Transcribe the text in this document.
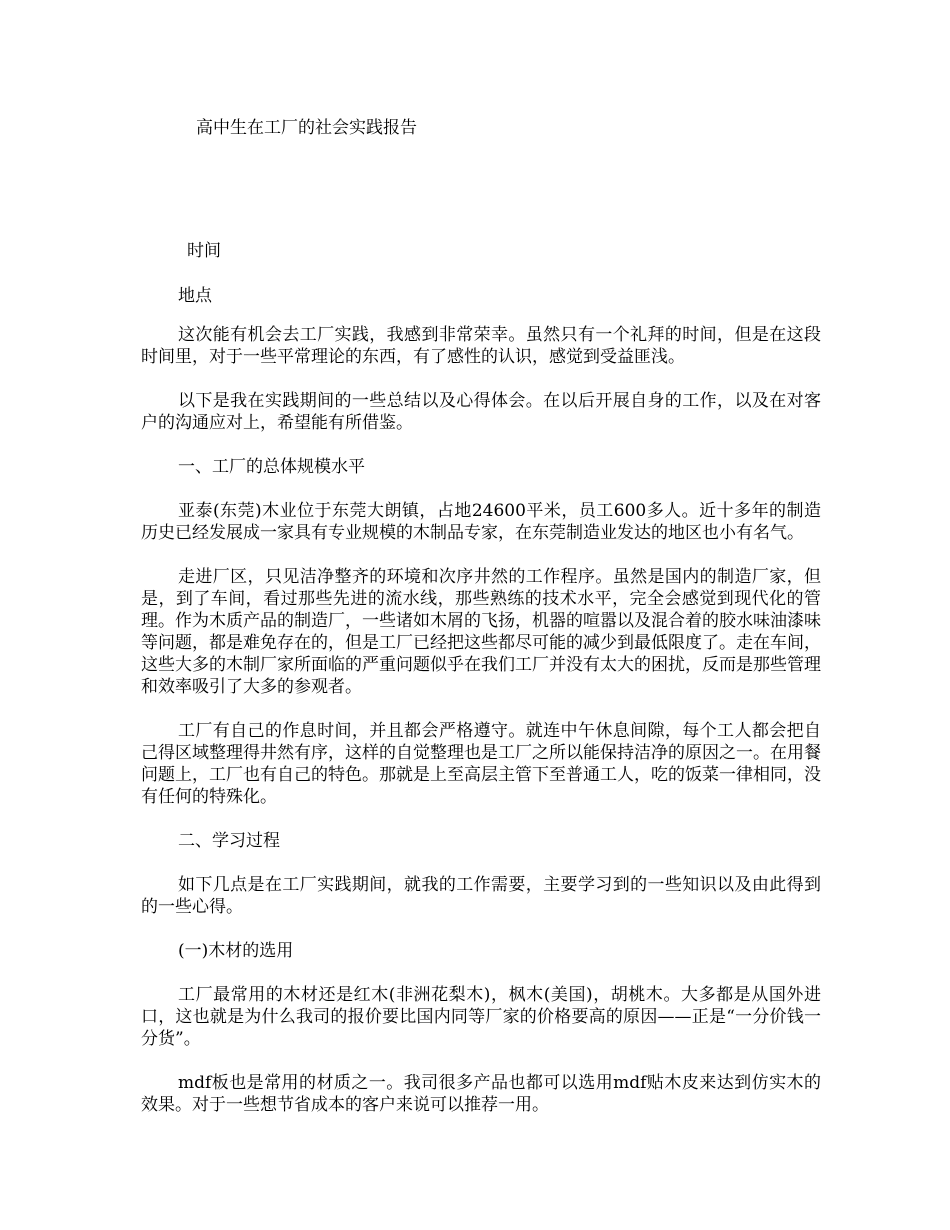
高中生在工厂的社会实践报告

时间

地点

这次能有机会去工厂实践，我感到非常荣幸。虽然只有一个礼拜的时间，但是在这段时间里，对于一些平常理论的东西，有了感性的认识，感觉到受益匪浅。

以下是我在实践期间的一些总结以及心得体会。在以后开展自身的工作，以及在对客户的沟通应对上，希望能有所借鉴。

一、工厂的总体规模水平

亚泰(东莞)木业位于东莞大朗镇，占地24600平米，员工600多人。近十多年的制造历史已经发展成一家具有专业规模的木制品专家，在东莞制造业发达的地区也小有名气。

走进厂区，只见洁净整齐的环境和次序井然的工作程序。虽然是国内的制造厂家，但是，到了车间，看过那些先进的流水线，那些熟练的技术水平，完全会感觉到现代化的管理。作为木质产品的制造厂，一些诸如木屑的飞扬，机器的喧嚣以及混合着的胶水味油漆味等问题，都是难免存在的，但是工厂已经把这些都尽可能的减少到最低限度了。走在车间，这些大多的木制厂家所面临的严重问题似乎在我们工厂并没有太大的困扰，反而是那些管理和效率吸引了大多的参观者。

工厂有自己的作息时间，并且都会严格遵守。就连中午休息间隙，每个工人都会把自己得区域整理得井然有序，这样的自觉整理也是工厂之所以能保持洁净的原因之一。在用餐问题上，工厂也有自己的特色。那就是上至高层主管下至普通工人，吃的饭菜一律相同，没有任何的特殊化。

二、学习过程

如下几点是在工厂实践期间，就我的工作需要，主要学习到的一些知识以及由此得到的一些心得。

(一)木材的选用

工厂最常用的木材还是红木(非洲花梨木)，枫木(美国)，胡桃木。大多都是从国外进口，这也就是为什么我司的报价要比国内同等厂家的价格要高的原因——正是“一分价钱一分货”。

mdf板也是常用的材质之一。我司很多产品也都可以选用mdf贴木皮来达到仿实木的效果。对于一些想节省成本的客户来说可以推荐一用。
